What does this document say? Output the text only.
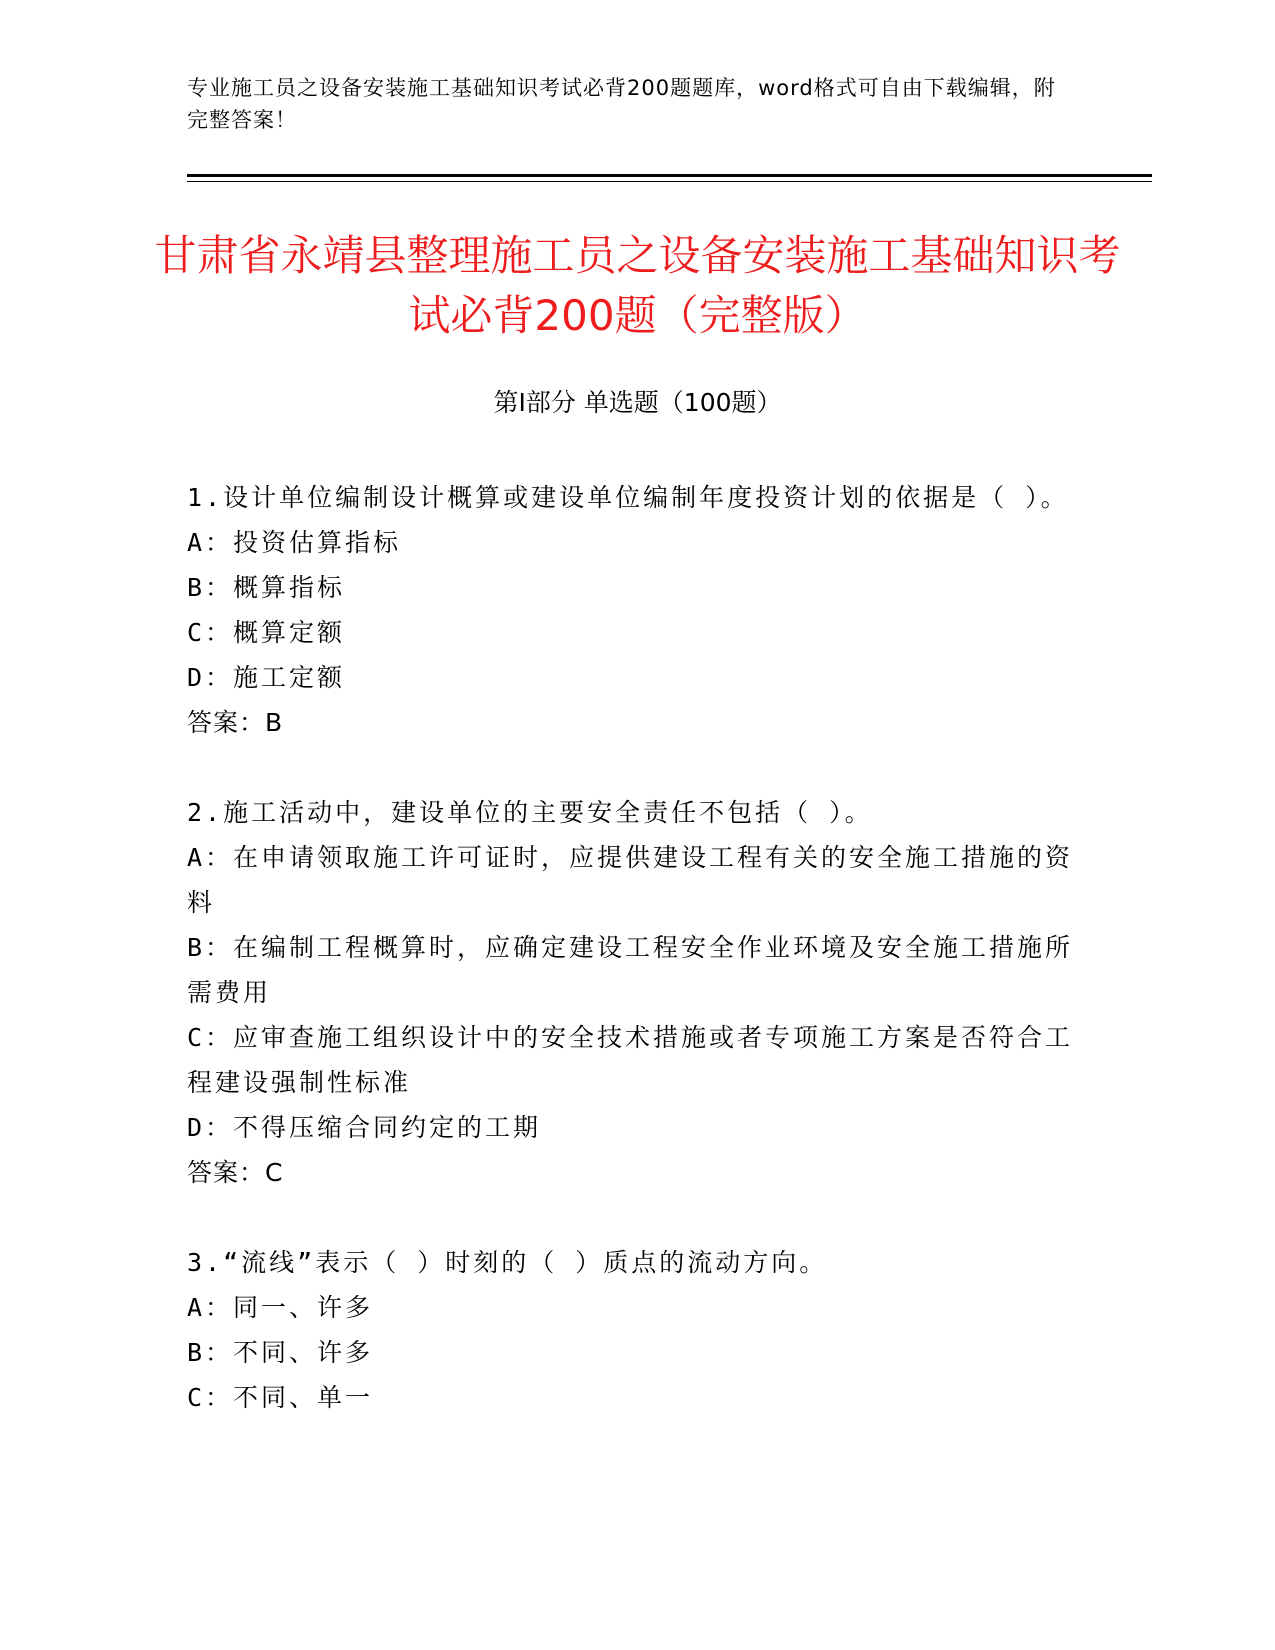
专业施工员之设备安装施工基础知识考试必背200题题库，word格式可自由下载编辑，附完整答案！
甘肃省永靖县整理施工员之设备安装施工基础知识考试必背200题（完整版）
第Ⅰ部分 单选题（100题）
1.设计单位编制设计概算或建设单位编制年度投资计划的依据是（ ）。
A：投资估算指标
B：概算指标
C：概算定额
D：施工定额
答案：B
2.施工活动中，建设单位的主要安全责任不包括（ ）。
A：在申请领取施工许可证时，应提供建设工程有关的安全施工措施的资料
B：在编制工程概算时，应确定建设工程安全作业环境及安全施工措施所需费用
C：应审查施工组织设计中的安全技术措施或者专项施工方案是否符合工程建设强制性标准
D：不得压缩合同约定的工期
答案：C
3.“流线”表示（ ）时刻的（ ）质点的流动方向。
A：同一、许多
B：不同、许多
C：不同、单一
